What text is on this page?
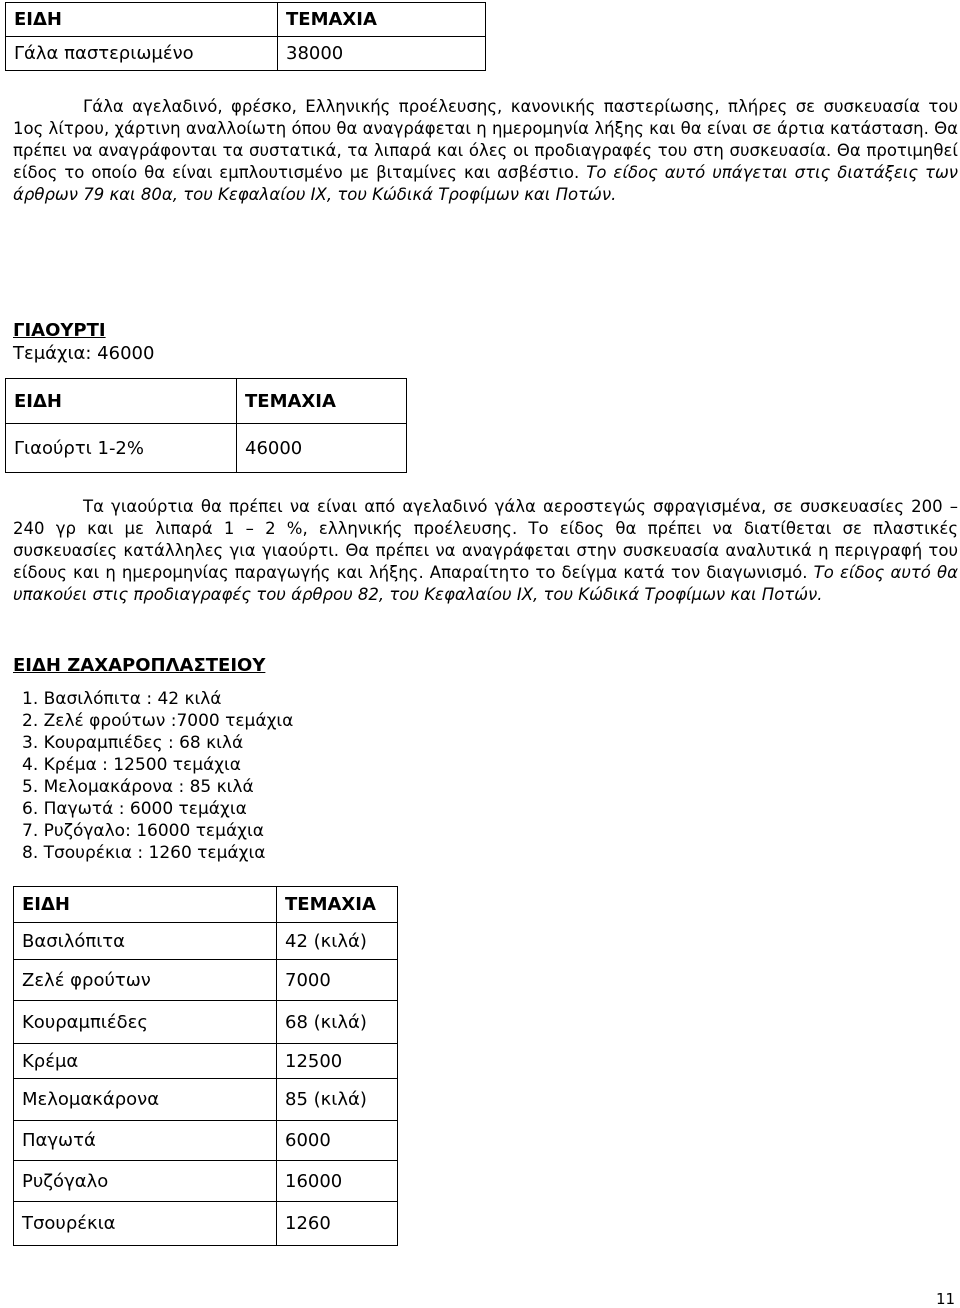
ΕΙΔΗ	ΤΕΜΑΧΙΑ
Γάλα παστεριωμένο	38000

Γάλα αγελαδινό, φρέσκο, Ελληνικής προέλευσης, κανονικής παστερίωσης, πλήρες σε συσκευασία του 1ος λίτρου, χάρτινη αναλλοίωτη όπου θα αναγράφεται η ημερομηνία λήξης και θα είναι σε άρτια κατάσταση. Θα πρέπει να αναγράφονται τα συστατικά, τα λιπαρά και όλες οι προδιαγραφές του στη συσκευασία. Θα προτιμηθεί είδος το οποίο θα είναι εμπλουτισμένο με βιταμίνες και ασβέστιο. Το είδος αυτό υπάγεται στις διατάξεις των άρθρων 79 και 80α, του Κεφαλαίου ΙΧ, του Κώδικά Τροφίμων και Ποτών.

ΓΙΑΟΥΡΤΙ
Τεμάχια: 46000
ΕΙΔΗ	ΤΕΜΑΧΙΑ
Γιαούρτι 1-2%	46000

Τα γιαούρτια θα πρέπει να είναι από αγελαδινό γάλα αεροστεγώς σφραγισμένα, σε συσκευασίες 200 – 240 γρ και με λιπαρά 1 – 2 %, ελληνικής προέλευσης. Το είδος θα πρέπει να διατίθεται σε πλαστικές συσκευασίες κατάλληλες για γιαούρτι. Θα πρέπει να αναγράφεται στην συσκευασία αναλυτικά η περιγραφή του είδους και η ημερομηνίας παραγωγής και λήξης. Απαραίτητο το δείγμα κατά τον διαγωνισμό. Το είδος αυτό θα υπακούει στις προδιαγραφές του άρθρου 82, του Κεφαλαίου ΙΧ, του Κώδικά Τροφίμων και Ποτών.

ΕΙΔΗ ΖΑΧΑΡΟΠΛΑΣΤΕΙΟΥ
1. Βασιλόπιτα : 42 κιλά
2. Ζελέ φρούτων :7000 τεμάχια
3. Κουραμπιέδες : 68 κιλά
4. Κρέμα : 12500 τεμάχια
5. Μελομακάρονα : 85 κιλά
6. Παγωτά : 6000 τεμάχια
7. Ρυζόγαλο: 16000 τεμάχια
8. Τσουρέκια : 1260 τεμάχια
ΕΙΔΗ	ΤΕΜΑΧΙΑ
Βασιλόπιτα	42 (κιλά)
Ζελέ φρούτων	7000
Κουραμπιέδες	68 (κιλά)
Κρέμα	12500
Μελομακάρονα	85 (κιλά)
Παγωτά	6000
Ρυζόγαλο	16000
Τσουρέκια	1260
11
